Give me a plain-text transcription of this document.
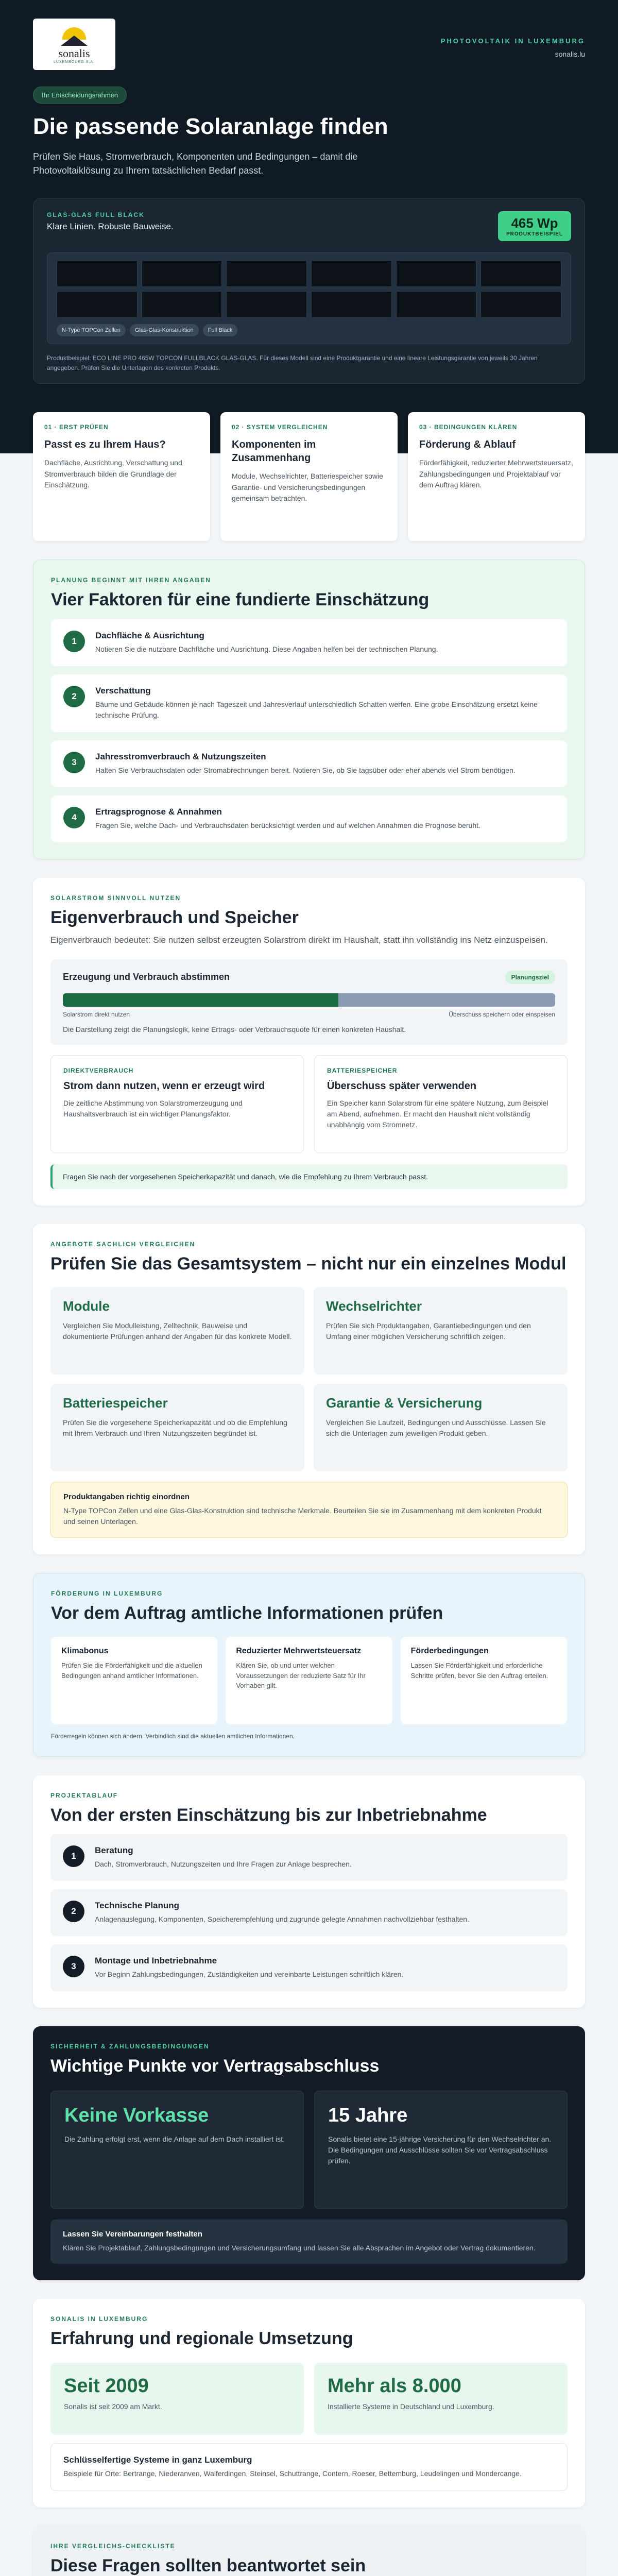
sonalis
LUXEMBOURG S.A.
PHOTOVOLTAIK IN LUXEMBURG
sonalis.lu
Ihr Entscheidungsrahmen
Die passende Solaranlage finden

Prüfen Sie Haus, Stromverbrauch, Komponenten und Bedingungen – damit die Photovoltaiklösung zu Ihrem tatsächlichen Bedarf passt.

GLAS-GLAS FULL BLACK
Klare Linien. Robuste Bauweise.	465 Wp
PRODUKTBEISPIEL
N-Type TOPCon Zellen	Glas-Glas-Konstruktion	Full Black
Produktbeispiel: ECO LINE PRO 465W TOPCON FULLBLACK GLAS-GLAS. Für dieses Modell sind eine Produktgarantie und eine lineare Leistungsgarantie von jeweils 30 Jahren angegeben. Prüfen Sie die Unterlagen des konkreten Produkts.
01 · ERST PRÜFEN
Passt es zu Ihrem Haus?
Dachfläche, Ausrichtung, Verschattung und Stromverbrauch bilden die Grundlage der Einschätzung.
02 · SYSTEM VERGLEICHEN
Komponenten im Zusammenhang
Module, Wechselrichter, Batteriespeicher sowie Garantie- und Versicherungsbedingungen gemeinsam betrachten.
03 · BEDINGUNGEN KLÄREN
Förderung & Ablauf
Förderfähigkeit, reduzierter Mehrwertsteuersatz, Zahlungsbedingungen und Projektablauf vor dem Auftrag klären.
PLANUNG BEGINNT MIT IHREN ANGABEN
Vier Faktoren für eine fundierte Einschätzung
1
Dachfläche & Ausrichtung

Notieren Sie die nutzbare Dachfläche und Ausrichtung. Diese Angaben helfen bei der technischen Planung.

2
Verschattung

Bäume und Gebäude können je nach Tageszeit und Jahresverlauf unterschiedlich Schatten werfen. Eine grobe Einschätzung ersetzt keine technische Prüfung.

3
Jahresstromverbrauch & Nutzungszeiten

Halten Sie Verbrauchsdaten oder Stromabrechnungen bereit. Notieren Sie, ob Sie tagsüber oder eher abends viel Strom benötigen.

4
Ertragsprognose & Annahmen

Fragen Sie, welche Dach- und Verbrauchsdaten berücksichtigt werden und auf welchen Annahmen die Prognose beruht.

SOLARSTROM SINNVOLL NUTZEN
Eigenverbrauch und Speicher
Eigenverbrauch bedeutet: Sie nutzen selbst erzeugten Solarstrom direkt im Haushalt, statt ihn vollständig ins Netz einzuspeisen.
Erzeugung und Verbrauch abstimmen	Planungsziel
Solarstrom direkt nutzen	Überschuss speichern oder einspeisen
Die Darstellung zeigt die Planungslogik, keine Ertrags- oder Verbrauchsquote für einen konkreten Haushalt.
DIREKTVERBRAUCH
Strom dann nutzen, wenn er erzeugt wird

Die zeitliche Abstimmung von Solarstromerzeugung und Haushaltsverbrauch ist ein wichtiger Planungsfaktor.

BATTERIESPEICHER
Überschuss später verwenden

Ein Speicher kann Solarstrom für eine spätere Nutzung, zum Beispiel am Abend, aufnehmen. Er macht den Haushalt nicht vollständig unabhängig vom Stromnetz.

Fragen Sie nach der vorgesehenen Speicherkapazität und danach, wie die Empfehlung zu Ihrem Verbrauch passt.
ANGEBOTE SACHLICH VERGLEICHEN
Prüfen Sie das Gesamtsystem – nicht nur ein einzelnes Modul
Module

Vergleichen Sie Modulleistung, Zelltechnik, Bauweise und dokumentierte Prüfungen anhand der Angaben für das konkrete Modell.

Wechselrichter

Prüfen Sie sich Produktangaben, Garantiebedingungen und den Umfang einer möglichen Versicherung schriftlich zeigen.

Batteriespeicher

Prüfen Sie die vorgesehene Speicherkapazität und ob die Empfehlung mit Ihrem Verbrauch und Ihren Nutzungszeiten begründet ist.

Garantie & Versicherung

Vergleichen Sie Laufzeit, Bedingungen und Ausschlüsse. Lassen Sie sich die Unterlagen zum jeweiligen Produkt geben.

Produktangaben richtig einordnen

N-Type TOPCon Zellen und eine Glas-Glas-Konstruktion sind technische Merkmale. Beurteilen Sie sie im Zusammenhang mit dem konkreten Produkt und seinen Unterlagen.

FÖRDERUNG IN LUXEMBURG
Vor dem Auftrag amtliche Informationen prüfen
Klimabonus

Prüfen Sie die Förderfähigkeit und die aktuellen Bedingungen anhand amtlicher Informationen.

Reduzierter Mehrwertsteuersatz

Klären Sie, ob und unter welchen Voraussetzungen der reduzierte Satz für Ihr Vorhaben gilt.

Förderbedingungen

Lassen Sie Förderfähigkeit und erforderliche Schritte prüfen, bevor Sie den Auftrag erteilen.

Förderregeln können sich ändern. Verbindlich sind die aktuellen amtlichen Informationen.
PROJEKTABLAUF
Von der ersten Einschätzung bis zur Inbetriebnahme
1
Beratung

Dach, Stromverbrauch, Nutzungszeiten und Ihre Fragen zur Anlage besprechen.

2
Technische Planung

Anlagenauslegung, Komponenten, Speicherempfehlung und zugrunde gelegte Annahmen nachvollziehbar festhalten.

3
Montage und Inbetriebnahme

Vor Beginn Zahlungsbedingungen, Zuständigkeiten und vereinbarte Leistungen schriftlich klären.

SICHERHEIT & ZAHLUNGSBEDINGUNGEN
Wichtige Punkte vor Vertragsabschluss
Keine Vorkasse

Die Zahlung erfolgt erst, wenn die Anlage auf dem Dach installiert ist.

15 Jahre

Sonalis bietet eine 15-jährige Versicherung für den Wechselrichter an. Die Bedingungen und Ausschlüsse sollten Sie vor Vertragsabschluss prüfen.

Lassen Sie Vereinbarungen festhalten

Klären Sie Projektablauf, Zahlungsbedingungen und Versicherungsumfang und lassen Sie alle Absprachen im Angebot oder Vertrag dokumentieren.

SONALIS IN LUXEMBURG
Erfahrung und regionale Umsetzung
Seit 2009

Sonalis ist seit 2009 am Markt.

Mehr als 8.000

Installierte Systeme in Deutschland und Luxemburg.

Schlüsselfertige Systeme in ganz Luxemburg

Beispiele für Orte: Bertrange, Niederanven, Walferdingen, Steinsel, Schuttrange, Contern, Roeser, Bettemburg, Leudelingen und Mondercange.

IHRE VERGLEICHS-CHECKLISTE
Diese Fragen sollten beantwortet sein
